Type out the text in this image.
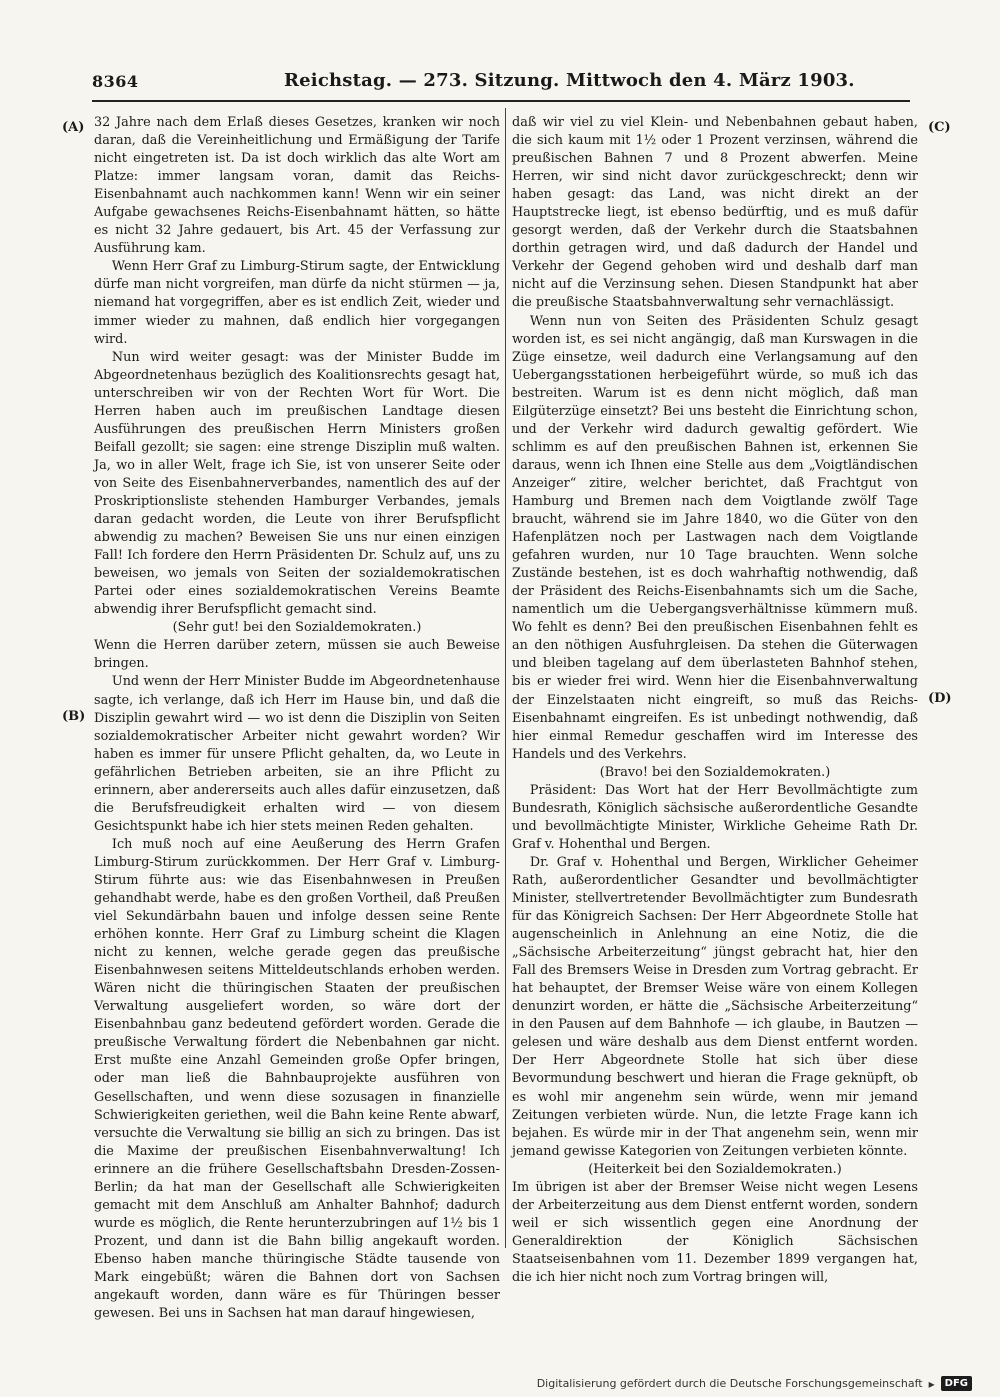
8364	Reichstag. — 273. Sitzung. Mittwoch den 4. März 1903.
(A)
(B)
(C)
(D)

32 Jahre nach dem Erlaß dieses Gesetzes, kranken wir noch daran, daß die Vereinheitlichung und Ermäßigung der Tarife nicht eingetreten ist. Da ist doch wirklich das alte Wort am Platze: immer langsam voran, damit das Reichs-Eisenbahnamt auch nachkommen kann! Wenn wir ein seiner Aufgabe gewachsenes Reichs-Eisenbahnamt hätten, so hätte es nicht 32 Jahre gedauert, bis Art. 45 der Verfassung zur Ausführung kam.

Wenn Herr Graf zu Limburg-Stirum sagte, der Entwicklung dürfe man nicht vorgreifen, man dürfe da nicht stürmen — ja, niemand hat vorgegriffen, aber es ist endlich Zeit, wieder und immer wieder zu mahnen, daß endlich hier vorgegangen wird.

Nun wird weiter gesagt: was der Minister Budde im Abgeordnetenhaus bezüglich des Koalitionsrechts gesagt hat, unterschreiben wir von der Rechten Wort für Wort. Die Herren haben auch im preußischen Landtage diesen Ausführungen des preußischen Herrn Ministers großen Beifall gezollt; sie sagen: eine strenge Disziplin muß walten. Ja, wo in aller Welt, frage ich Sie, ist von unserer Seite oder von Seite des Eisenbahnerverbandes, namentlich des auf der Proskriptionsliste stehenden Hamburger Verbandes, jemals daran gedacht worden, die Leute von ihrer Berufspflicht abwendig zu machen? Beweisen Sie uns nur einen einzigen Fall! Ich fordere den Herrn Präsidenten Dr. Schulz auf, uns zu beweisen, wo jemals von Seiten der sozialdemokratischen Partei oder eines sozialdemokratischen Vereins Beamte abwendig ihrer Berufspflicht gemacht sind.

(Sehr gut! bei den Sozialdemokraten.)

Wenn die Herren darüber zetern, müssen sie auch Beweise bringen.

Und wenn der Herr Minister Budde im Abgeordnetenhause sagte, ich verlange, daß ich Herr im Hause bin, und daß die Disziplin gewahrt wird — wo ist denn die Disziplin von Seiten sozialdemokratischer Arbeiter nicht gewahrt worden? Wir haben es immer für unsere Pflicht gehalten, da, wo Leute in gefährlichen Betrieben arbeiten, sie an ihre Pflicht zu erinnern, aber andererseits auch alles dafür einzusetzen, daß die Berufsfreudigkeit erhalten wird — von diesem Gesichtspunkt habe ich hier stets meinen Reden gehalten.

Ich muß noch auf eine Aeußerung des Herrn Grafen Limburg-Stirum zurückkommen. Der Herr Graf v. Limburg-Stirum führte aus: wie das Eisenbahnwesen in Preußen gehandhabt werde, habe es den großen Vortheil, daß Preußen viel Sekundärbahn bauen und infolge dessen seine Rente erhöhen konnte. Herr Graf zu Limburg scheint die Klagen nicht zu kennen, welche gerade gegen das preußische Eisenbahnwesen seitens Mitteldeutschlands erhoben werden. Wären nicht die thüringischen Staaten der preußischen Verwaltung ausgeliefert worden, so wäre dort der Eisenbahnbau ganz bedeutend gefördert worden. Gerade die preußische Verwaltung fördert die Nebenbahnen gar nicht. Erst mußte eine Anzahl Gemeinden große Opfer bringen, oder man ließ die Bahnbauprojekte ausführen von Gesellschaften, und wenn diese sozusagen in finanzielle Schwierigkeiten geriethen, weil die Bahn keine Rente abwarf, versuchte die Verwaltung sie billig an sich zu bringen. Das ist die Maxime der preußischen Eisenbahnverwaltung! Ich erinnere an die frühere Gesellschaftsbahn Dresden-Zossen-Berlin; da hat man der Gesellschaft alle Schwierigkeiten gemacht mit dem Anschluß am Anhalter Bahnhof; dadurch wurde es möglich, die Rente herunterzubringen auf 1½ bis 1 Prozent, und dann ist die Bahn billig angekauft worden. Ebenso haben manche thüringische Städte tausende von Mark eingebüßt; wären die Bahnen dort von Sachsen angekauft worden, dann wäre es für Thüringen besser gewesen. Bei uns in Sachsen hat man darauf hingewiesen,

daß wir viel zu viel Klein- und Nebenbahnen gebaut haben, die sich kaum mit 1½ oder 1 Prozent verzinsen, während die preußischen Bahnen 7 und 8 Prozent abwerfen. Meine Herren, wir sind nicht davor zurückgeschreckt; denn wir haben gesagt: das Land, was nicht direkt an der Hauptstrecke liegt, ist ebenso bedürftig, und es muß dafür gesorgt werden, daß der Verkehr durch die Staatsbahnen dorthin getragen wird, und daß dadurch der Handel und Verkehr der Gegend gehoben wird und deshalb darf man nicht auf die Verzinsung sehen. Diesen Standpunkt hat aber die preußische Staatsbahnverwaltung sehr vernachlässigt.

Wenn nun von Seiten des Präsidenten Schulz gesagt worden ist, es sei nicht angängig, daß man Kurswagen in die Züge einsetze, weil dadurch eine Verlangsamung auf den Uebergangsstationen herbeigeführt würde, so muß ich das bestreiten. Warum ist es denn nicht möglich, daß man Eilgüterzüge einsetzt? Bei uns besteht die Einrichtung schon, und der Verkehr wird dadurch gewaltig gefördert. Wie schlimm es auf den preußischen Bahnen ist, erkennen Sie daraus, wenn ich Ihnen eine Stelle aus dem „Voigtländischen Anzeiger“ zitire, welcher berichtet, daß Frachtgut von Hamburg und Bremen nach dem Voigtlande zwölf Tage braucht, während sie im Jahre 1840, wo die Güter von den Hafenplätzen noch per Lastwagen nach dem Voigtlande gefahren wurden, nur 10 Tage brauchten. Wenn solche Zustände bestehen, ist es doch wahrhaftig nothwendig, daß der Präsident des Reichs-Eisenbahnamts sich um die Sache, namentlich um die Uebergangsverhältnisse kümmern muß. Wo fehlt es denn? Bei den preußischen Eisenbahnen fehlt es an den nöthigen Ausfuhrgleisen. Da stehen die Güterwagen und bleiben tagelang auf dem überlasteten Bahnhof stehen, bis er wieder frei wird. Wenn hier die Eisenbahnverwaltung der Einzelstaaten nicht eingreift, so muß das Reichs-Eisenbahnamt eingreifen. Es ist unbedingt nothwendig, daß hier einmal Remedur geschaffen wird im Interesse des Handels und des Verkehrs.

(Bravo! bei den Sozialdemokraten.)

Präsident: Das Wort hat der Herr Bevollmächtigte zum Bundesrath, Königlich sächsische außerordentliche Gesandte und bevollmächtigte Minister, Wirkliche Geheime Rath Dr. Graf v. Hohenthal und Bergen.

Dr. Graf v. Hohenthal und Bergen, Wirklicher Geheimer Rath, außerordentlicher Gesandter und bevollmächtigter Minister, stellvertretender Bevollmächtigter zum Bundesrath für das Königreich Sachsen: Der Herr Abgeordnete Stolle hat augenscheinlich in Anlehnung an eine Notiz, die die „Sächsische Arbeiterzeitung“ jüngst gebracht hat, hier den Fall des Bremsers Weise in Dresden zum Vortrag gebracht. Er hat behauptet, der Bremser Weise wäre von einem Kollegen denunzirt worden, er hätte die „Sächsische Arbeiterzeitung“ in den Pausen auf dem Bahnhofe — ich glaube, in Bautzen — gelesen und wäre deshalb aus dem Dienst entfernt worden. Der Herr Abgeordnete Stolle hat sich über diese Bevormundung beschwert und hieran die Frage geknüpft, ob es wohl mir angenehm sein würde, wenn mir jemand Zeitungen verbieten würde. Nun, die letzte Frage kann ich bejahen. Es würde mir in der That angenehm sein, wenn mir jemand gewisse Kategorien von Zeitungen verbieten könnte.

(Heiterkeit bei den Sozialdemokraten.)

Im übrigen ist aber der Bremser Weise nicht wegen Lesens der Arbeiterzeitung aus dem Dienst entfernt worden, sondern weil er sich wissentlich gegen eine Anordnung der Generaldirektion der Königlich Sächsischen Staatseisenbahnen vom 11. Dezember 1899 vergangen hat, die ich hier nicht noch zum Vortrag bringen will,

Digitalisierung gefördert durch die Deutsche Forschungsgemeinschaft ▸	DFG
